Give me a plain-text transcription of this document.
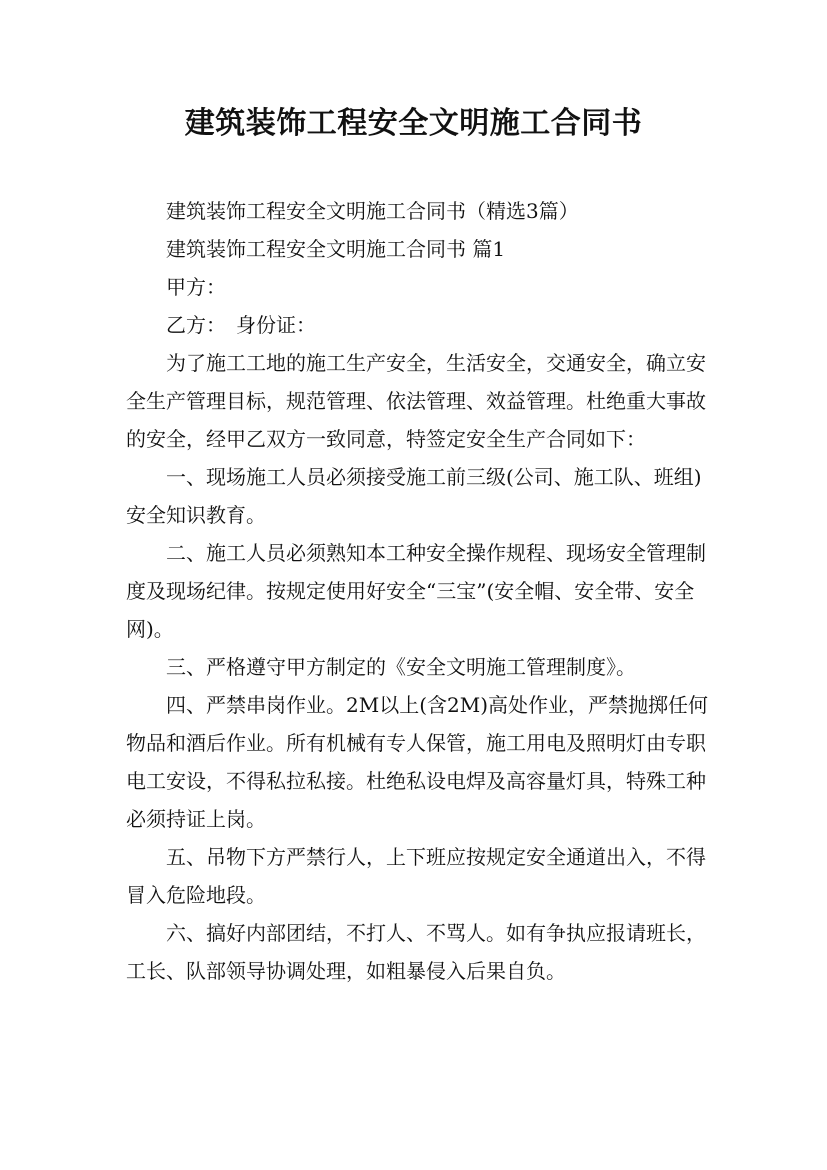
建筑装饰工程安全文明施工合同书

建筑装饰工程安全文明施工合同书（精选3篇）

建筑装饰工程安全文明施工合同书 篇1

甲方：

乙方：　身份证：

为了施工工地的施工生产安全，生活安全，交通安全，确立安全生产管理目标，规范管理、依法管理、效益管理。杜绝重大事故的安全，经甲乙双方一致同意，特签定安全生产合同如下：

一、现场施工人员必须接受施工前三级(公司、施工队、班组)安全知识教育。

二、施工人员必须熟知本工种安全操作规程、现场安全管理制度及现场纪律。按规定使用好安全“三宝”(安全帽、安全带、安全网)。

三、严格遵守甲方制定的《安全文明施工管理制度》。

四、严禁串岗作业。2M以上(含2M)高处作业，严禁抛掷任何物品和酒后作业。所有机械有专人保管，施工用电及照明灯由专职电工安设，不得私拉私接。杜绝私设电焊及高容量灯具，特殊工种必须持证上岗。

五、吊物下方严禁行人，上下班应按规定安全通道出入，不得冒入危险地段。

六、搞好内部团结，不打人、不骂人。如有争执应报请班长，工长、队部领导协调处理，如粗暴侵入后果自负。
